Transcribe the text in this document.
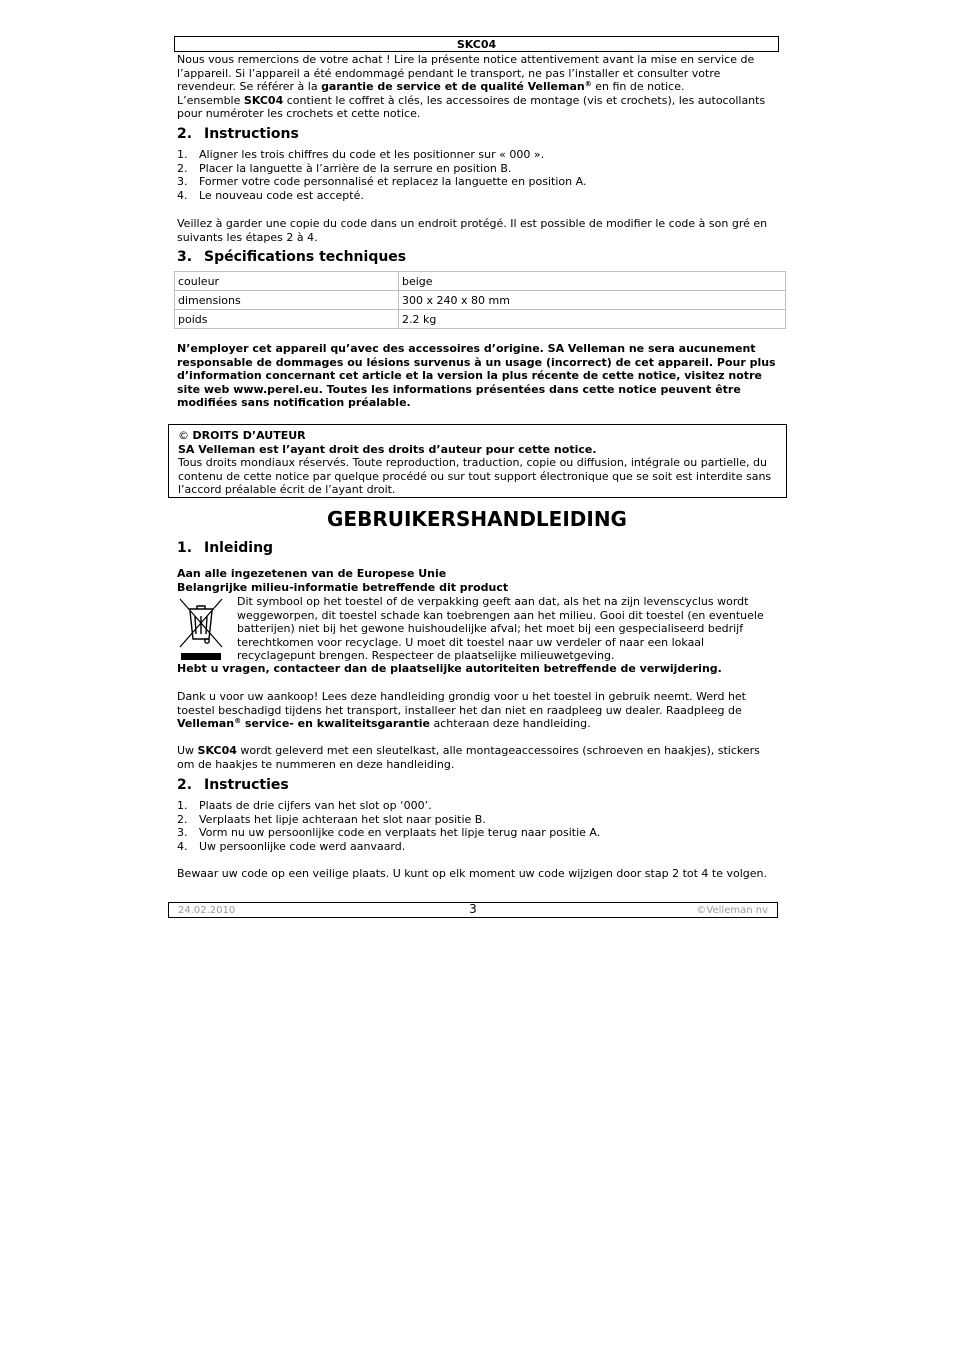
SKC04

Nous vous remercions de votre achat ! Lire la présente notice attentivement avant la mise en service de l’appareil. Si l’appareil a été endommagé pendant le transport, ne pas l’installer et consulter votre revendeur. Se référer à la garantie de service et de qualité Velleman® en fin de notice.

L’ensemble SKC04 contient le coffret à clés, les accessoires de montage (vis et crochets), les autocollants pour numéroter les crochets et cette notice.

2. Instructions
1.	Aligner les trois chiffres du code et les positionner sur « 000 ».
2.	Placer la languette à l’arrière de la serrure en position B.
3.	Former votre code personnalisé et replacez la languette en position A.
4.	Le nouveau code est accepté.
Veillez à garder une copie du code dans un endroit protégé. Il est possible de modifier le code à son gré en suivants les étapes 2 à 4.
3. Spécifications techniques
couleur	beige
dimensions	300 x 240 x 80 mm
poids	2.2 kg
N’employer cet appareil qu’avec des accessoires d’origine. SA Velleman ne sera aucunement responsable de dommages ou lésions survenus à un usage (incorrect) de cet appareil. Pour plus d’information concernant cet article et la version la plus récente de cette notice, visitez notre site web www.perel.eu. Toutes les informations présentées dans cette notice peuvent être modifiées sans notification préalable.
© DROITS D’AUTEUR
SA Velleman est l’ayant droit des droits d’auteur pour cette notice.
Tous droits mondiaux réservés. Toute reproduction, traduction, copie ou diffusion, intégrale ou partielle, du contenu de cette notice par quelque procédé ou sur tout support électronique que se soit est interdite sans l’accord préalable écrit de l’ayant droit.
GEBRUIKERSHANDLEIDING
1. Inleiding
Aan alle ingezetenen van de Europese Unie
Belangrijke milieu-informatie betreffende dit product
Dit symbool op het toestel of de verpakking geeft aan dat, als het na zijn levenscyclus wordt weggeworpen, dit toestel schade kan toebrengen aan het milieu. Gooi dit toestel (en eventuele batterijen) niet bij het gewone huishoudelijke afval; het moet bij een gespecialiseerd bedrijf terechtkomen voor recyclage. U moet dit toestel naar uw verdeler of naar een lokaal recyclagepunt brengen. Respecteer de plaatselijke milieuwetgeving.
Hebt u vragen, contacteer dan de plaatselijke autoriteiten betreffende de verwijdering.
Dank u voor uw aankoop! Lees deze handleiding grondig voor u het toestel in gebruik neemt. Werd het toestel beschadigd tijdens het transport, installeer het dan niet en raadpleeg uw dealer. Raadpleeg de Velleman® service- en kwaliteitsgarantie achteraan deze handleiding.
Uw SKC04 wordt geleverd met een sleutelkast, alle montageaccessoires (schroeven en haakjes), stickers om de haakjes te nummeren en deze handleiding.
2. Instructies
1.	Plaats de drie cijfers van het slot op ‘000’.
2.	Verplaats het lipje achteraan het slot naar positie B.
3.	Vorm nu uw persoonlijke code en verplaats het lipje terug naar positie A.
4.	Uw persoonlijke code werd aanvaard.
Bewaar uw code op een veilige plaats. U kunt op elk moment uw code wijzigen door stap 2 tot 4 te volgen.
24.02.2010	3	©Velleman nv
